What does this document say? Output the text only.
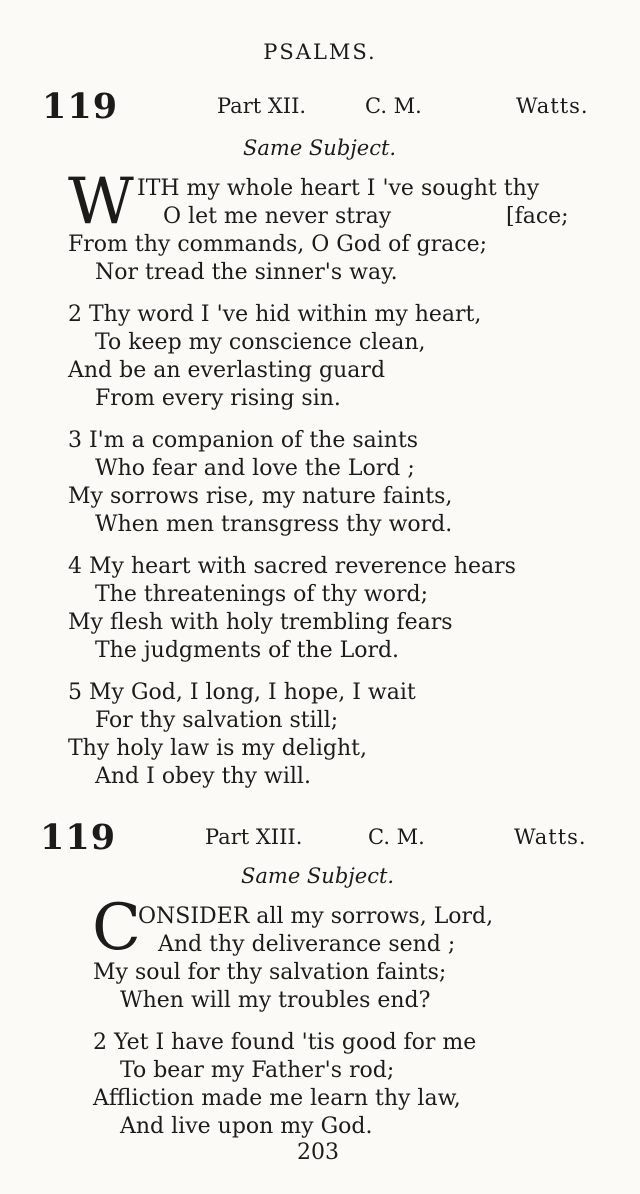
PSALMS.
119	Part XII.	C. M.	Watts.
Same Subject.
W ITH my whole heart I 've sought thy
O let me never stray	[face;
From thy commands, O God of grace;
Nor tread the sinner's way.
2 Thy word I 've hid within my heart,
To keep my conscience clean,
And be an everlasting guard
From every rising sin.
3 I'm a companion of the saints
Who fear and love the Lord ;
My sorrows rise, my nature faints,
When men transgress thy word.
4 My heart with sacred reverence hears
The threatenings of thy word;
My flesh with holy trembling fears
The judgments of the Lord.
5 My God, I long, I hope, I wait
For thy salvation still;
Thy holy law is my delight,
And I obey thy will.
119	Part XIII.	C. M.	Watts.
Same Subject.
C
ONSIDER all my sorrows, Lord,
And thy deliverance send ;
My soul for thy salvation faints;
When will my troubles end?
2 Yet I have found 'tis good for me
To bear my Father's rod;
Affliction made me learn thy law,
And live upon my God.
203
